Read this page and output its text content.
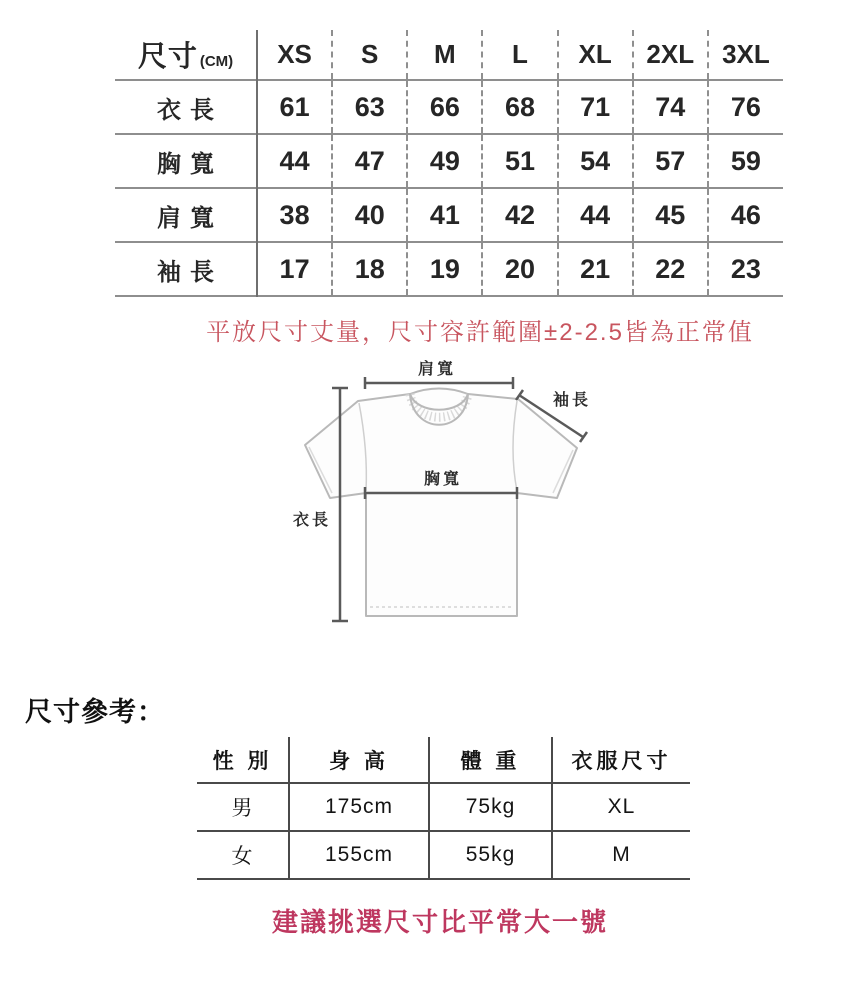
尺寸 (CM)	XS	S	M	L	XL	2XL	3XL
衣長	61	63	66	68	71	74	76
胸寬	44	47	49	51	54	57	59
肩寬	38	40	41	42	44	45	46
袖長	17	18	19	20	21	22	23
平放尺寸丈量，尺寸容許範圍±2-2.5皆為正常值
肩寬
袖長
胸寬
衣長
尺寸參考：
性 別	身 高	體 重	衣服尺寸
男	175cm	75kg	XL
女	155cm	55kg	M
建議挑選尺寸比平常大一號
